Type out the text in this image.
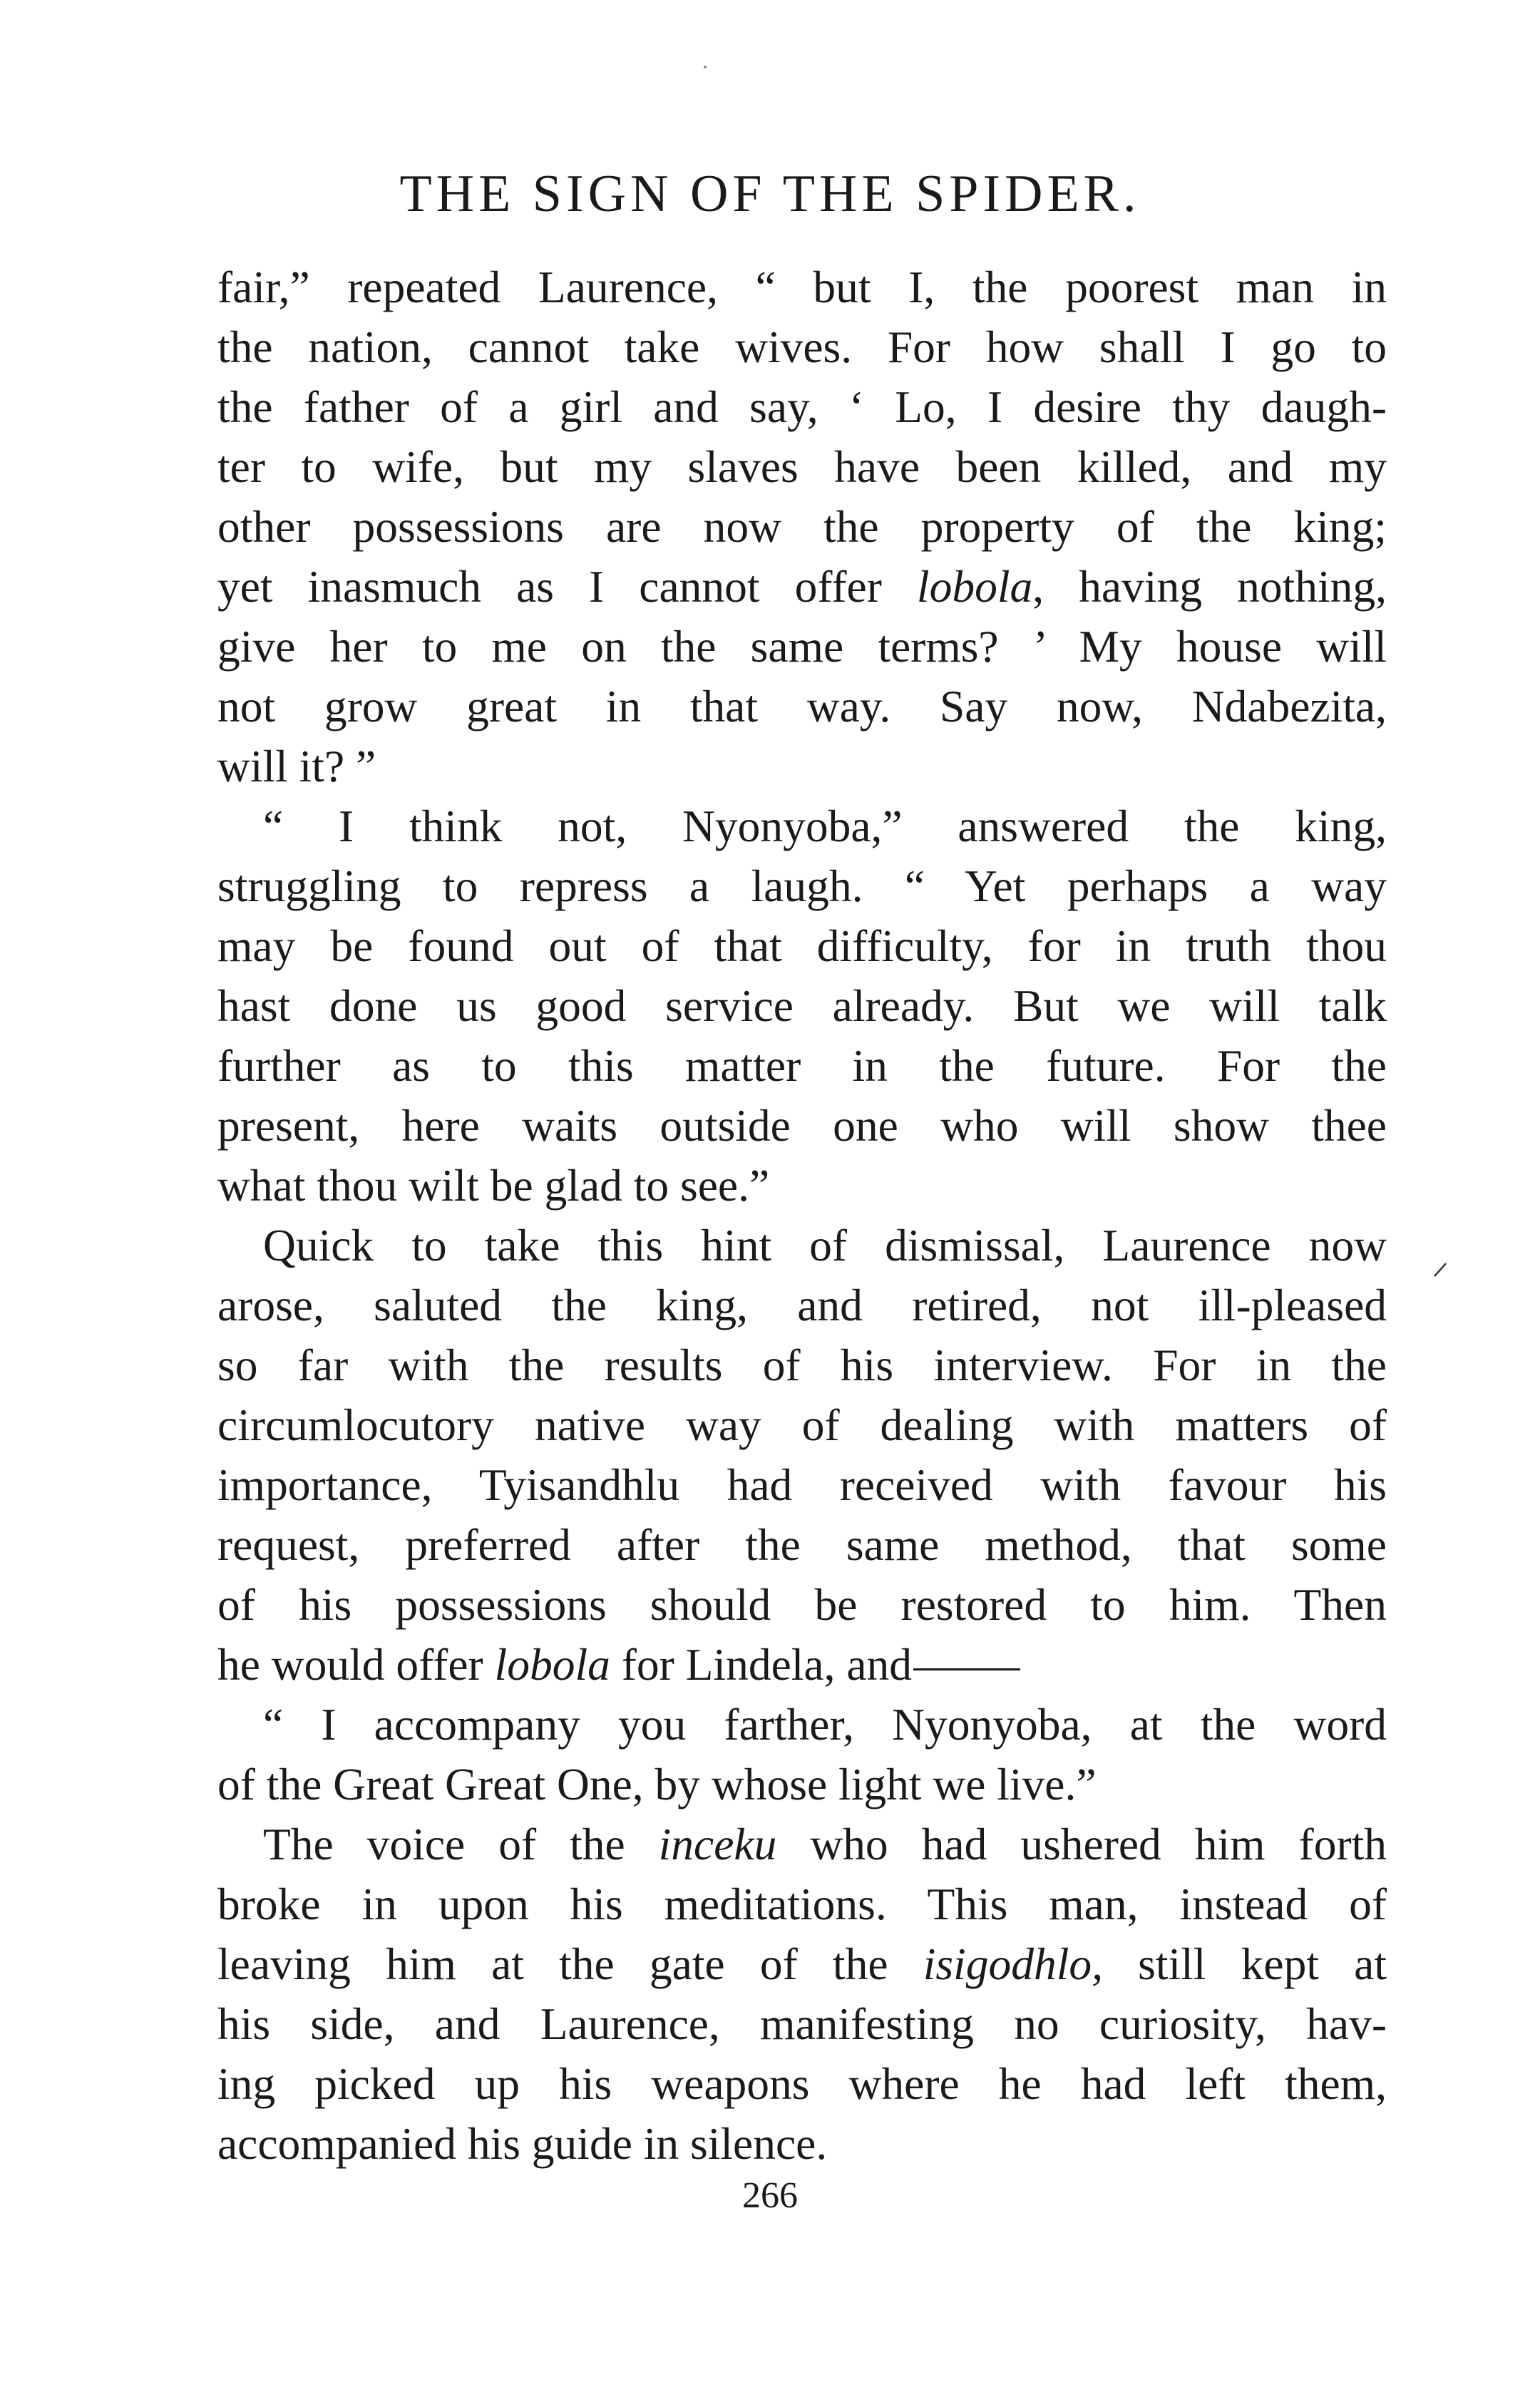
THE SIGN OF THE SPIDER.

fair,” repeated Laurence, “ but I, the poorest man in
the nation, cannot take wives. For how shall I go to
the father of a girl and say, ‘ Lo, I desire thy daugh-
ter to wife, but my slaves have been killed, and my
other possessions are now the property of the king;
yet inasmuch as I cannot offer lobola, having nothing,
give her to me on the same terms? ’ My house will
not grow great in that way. Say now, Ndabezita,
will it? ”

“ I think not, Nyonyoba,” answered the king,
struggling to repress a laugh. “ Yet perhaps a way
may be found out of that difficulty, for in truth thou
hast done us good service already. But we will talk
further as to this matter in the future. For the
present, here waits outside one who will show thee
what thou wilt be glad to see.”

Quick to take this hint of dismissal, Laurence now
arose, saluted the king, and retired, not ill-pleased
so far with the results of his interview. For in the
circumlocutory native way of dealing with matters of
importance, Tyisandhlu had received with favour his
request, preferred after the same method, that some
of his possessions should be restored to him. Then
he would offer lobola for Lindela, and

“ I accompany you farther, Nyonyoba, at the word
of the Great Great One, by whose light we live.”

The voice of the inceku who had ushered him forth
broke in upon his meditations. This man, instead of
leaving him at the gate of the isigodhlo, still kept at
his side, and Laurence, manifesting no curiosity, hav-
ing picked up his weapons where he had left them,
accompanied his guide in silence.

266
